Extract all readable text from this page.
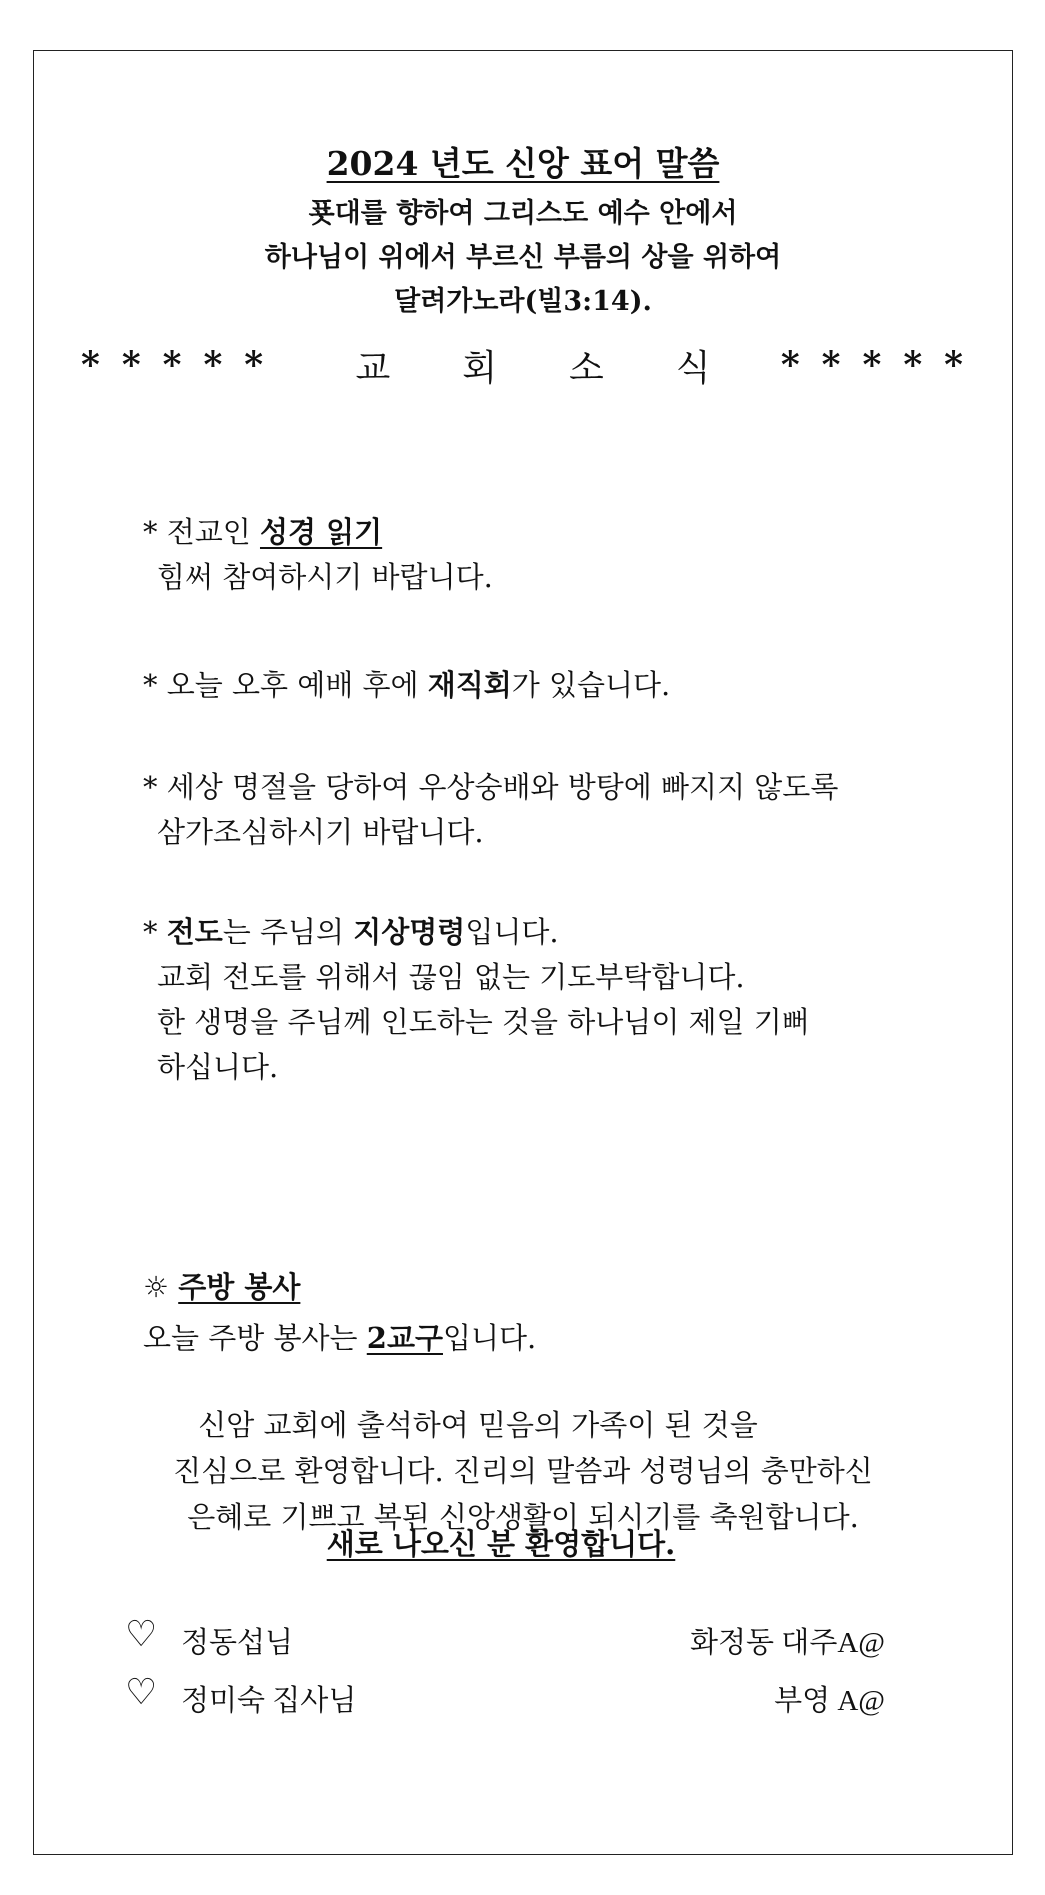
2024 년도 신앙 표어 말씀
푯대를 향하여 그리스도 예수 안에서
하나님이 위에서 부르신 부름의 상을 위하여
달려가노라(빌3:14).
*****	교 회 소 식	*****
* 전교인 성경 읽기
힘써 참여하시기 바랍니다.
* 오늘 오후 예배 후에 재직회가 있습니다.
* 세상 명절을 당하여 우상숭배와 방탕에 빠지지 않도록
삼가조심하시기 바랍니다.
* 전도는 주님의 지상명령입니다.
교회 전도를 위해서 끊임 없는 기도부탁합니다.
한 생명을 주님께 인도하는 것을 하나님이 제일 기뻐
하십니다.
☼ 주방 봉사
오늘 주방 봉사는 2교구입니다.
신암 교회에 출석하여 믿음의 가족이 된 것을
진심으로 환영합니다. 진리의 말씀과 성령님의 충만하신
은혜로 기쁘고 복된 신앙생활이 되시기를 축원합니다.
새로 나오신 분 환영합니다.
♡ 정동섭님	화정동 대주A@
♡ 정미숙 집사님	부영 A@
